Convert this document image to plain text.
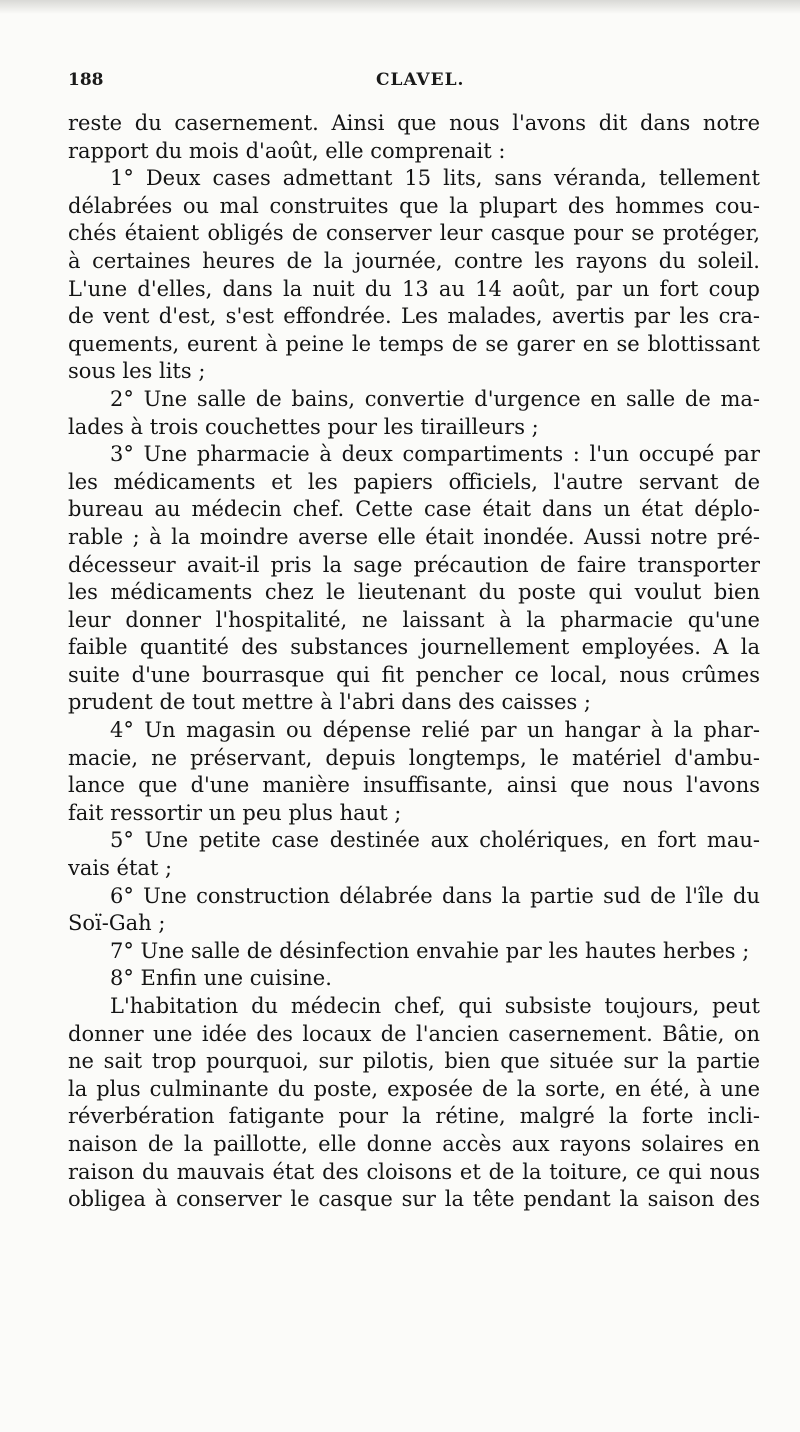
188	CLAVEL.
reste du casernement. Ainsi que nous l'avons dit dans notre
rapport du mois d'août, elle comprenait :
1° Deux cases admettant 15 lits, sans véranda, tellement
délabrées ou mal construites que la plupart des hommes cou-
chés étaient obligés de conserver leur casque pour se protéger,
à certaines heures de la journée, contre les rayons du soleil.
L'une d'elles, dans la nuit du 13 au 14 août, par un fort coup
de vent d'est, s'est effondrée. Les malades, avertis par les cra-
quements, eurent à peine le temps de se garer en se blottissant
sous les lits ;
2° Une salle de bains, convertie d'urgence en salle de ma-
lades à trois couchettes pour les tirailleurs ;
3° Une pharmacie à deux compartiments : l'un occupé par
les médicaments et les papiers officiels, l'autre servant de
bureau au médecin chef. Cette case était dans un état déplo-
rable ; à la moindre averse elle était inondée. Aussi notre pré-
décesseur avait-il pris la sage précaution de faire transporter
les médicaments chez le lieutenant du poste qui voulut bien
leur donner l'hospitalité, ne laissant à la pharmacie qu'une
faible quantité des substances journellement employées. A la
suite d'une bourrasque qui fit pencher ce local, nous crûmes
prudent de tout mettre à l'abri dans des caisses ;
4° Un magasin ou dépense relié par un hangar à la phar-
macie, ne préservant, depuis longtemps, le matériel d'ambu-
lance que d'une manière insuffisante, ainsi que nous l'avons
fait ressortir un peu plus haut ;
5° Une petite case destinée aux cholériques, en fort mau-
vais état ;
6° Une construction délabrée dans la partie sud de l'île du
Soï-Gah ;
7° Une salle de désinfection envahie par les hautes herbes ;
8° Enfin une cuisine.
L'habitation du médecin chef, qui subsiste toujours, peut
donner une idée des locaux de l'ancien casernement. Bâtie, on
ne sait trop pourquoi, sur pilotis, bien que située sur la partie
la plus culminante du poste, exposée de la sorte, en été, à une
réverbération fatigante pour la rétine, malgré la forte incli-
naison de la paillotte, elle donne accès aux rayons solaires en
raison du mauvais état des cloisons et de la toiture, ce qui nous
obligea à conserver le casque sur la tête pendant la saison des
